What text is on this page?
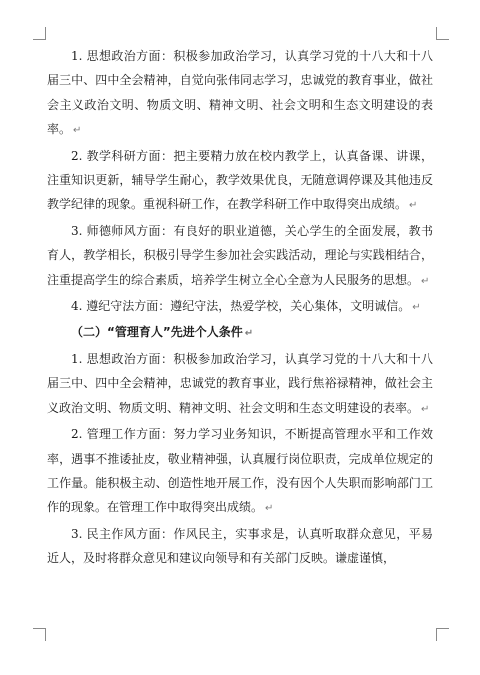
1. 思想政治方面：积极参加政治学习，认真学习党的十八大和十八届三中、四中全会精神，自觉向张伟同志学习，忠诚党的教育事业，做社会主义政治文明、物质文明、精神文明、社会文明和生态文明建设的表率。 ↵

2. 教学科研方面：把主要精力放在校内教学上，认真备课、讲课，注重知识更新，辅导学生耐心，教学效果优良，无随意调停课及其他违反教学纪律的现象。重视科研工作，在教学科研工作中取得突出成绩。 ↵

3. 师德师风方面：有良好的职业道德，关心学生的全面发展，教书育人，教学相长，积极引导学生参加社会实践活动，理论与实践相结合，注重提高学生的综合素质，培养学生树立全心全意为人民服务的思想。 ↵

4. 遵纪守法方面：遵纪守法，热爱学校，关心集体，文明诚信。 ↵

（二）“管理育人”先进个人条件 ↵

1. 思想政治方面：积极参加政治学习，认真学习党的十八大和十八届三中、四中全会精神，忠诚党的教育事业，践行焦裕禄精神，做社会主义政治文明、物质文明、精神文明、社会文明和生态文明建设的表率。 ↵

2. 管理工作方面：努力学习业务知识，不断提高管理水平和工作效率，遇事不推诿扯皮，敬业精神强，认真履行岗位职责，完成单位规定的工作量。能积极主动、创造性地开展工作，没有因个人失职而影响部门工作的现象。在管理工作中取得突出成绩。 ↵

3. 民主作风方面：作风民主，实事求是，认真听取群众意见，平易近人，及时将群众意见和建议向领导和有关部门反映。谦虚谨慎，
